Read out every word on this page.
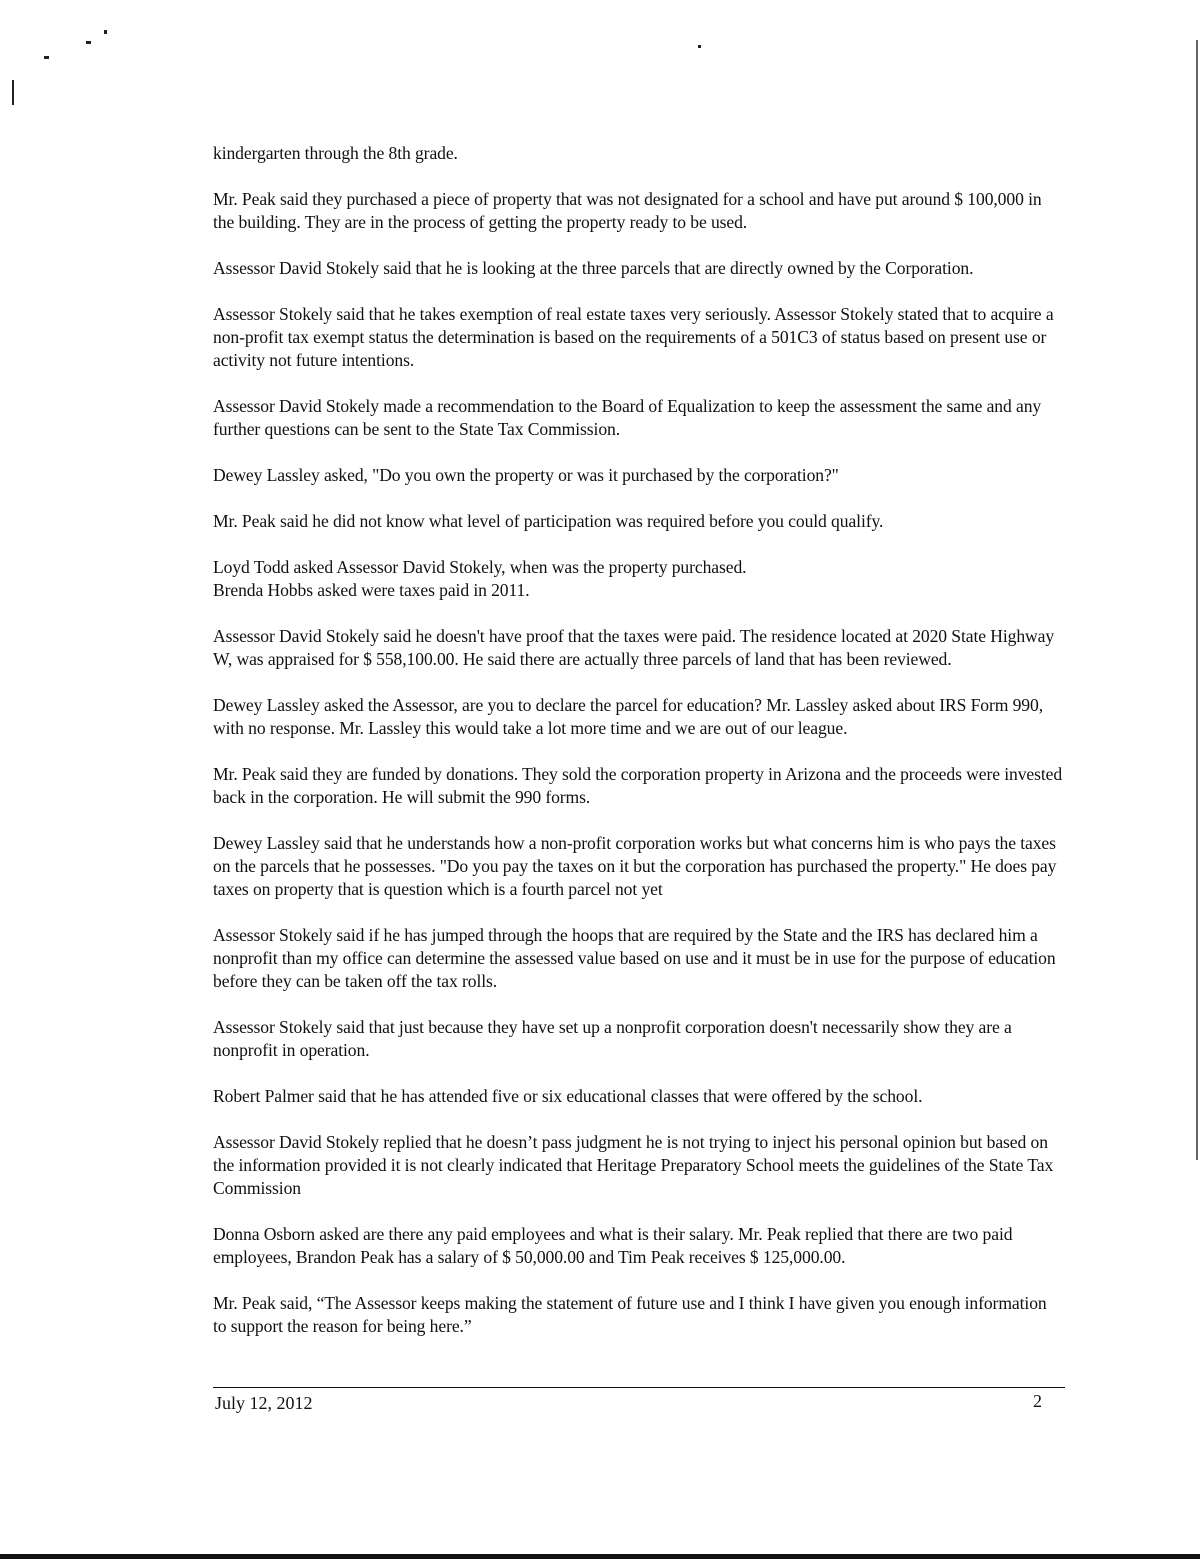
kindergarten through the 8th grade.

Mr. Peak said they purchased a piece of property that was not designated for a school and have put around $ 100,000 in the building. They are in the process of getting the property ready to be used.

Assessor David Stokely said that he is looking at the three parcels that are directly owned by the Corporation.

Assessor Stokely said that he takes exemption of real estate taxes very seriously. Assessor Stokely stated that to acquire a non-profit tax exempt status the determination is based on the requirements of a 501C3 of status based on present use or activity not future intentions.

Assessor David Stokely made a recommendation to the Board of Equalization to keep the assessment the same and any further questions can be sent to the State Tax Commission.

Dewey Lassley asked, "Do you own the property or was it purchased by the corporation?"

Mr. Peak said he did not know what level of participation was required before you could qualify.

Loyd Todd asked Assessor David Stokely, when was the property purchased.

Brenda Hobbs asked were taxes paid in 2011.

Assessor David Stokely said he doesn't have proof that the taxes were paid. The residence located at 2020 State Highway W, was appraised for $ 558,100.00. He said there are actually three parcels of land that has been reviewed.

Dewey Lassley asked the Assessor, are you to declare the parcel for education? Mr. Lassley asked about IRS Form 990, with no response. Mr. Lassley this would take a lot more time and we are out of our league.

Mr. Peak said they are funded by donations. They sold the corporation property in Arizona and the proceeds were invested back in the corporation. He will submit the 990 forms.

Dewey Lassley said that he understands how a non-profit corporation works but what concerns him is who pays the taxes on the parcels that he possesses. "Do you pay the taxes on it but the corporation has purchased the property." He does pay taxes on property that is question which is a fourth parcel not yet

Assessor Stokely said if he has jumped through the hoops that are required by the State and the IRS has declared him a nonprofit than my office can determine the assessed value based on use and it must be in use for the purpose of education before they can be taken off the tax rolls.

Assessor Stokely said that just because they have set up a nonprofit corporation doesn't necessarily show they are a nonprofit in operation.

Robert Palmer said that he has attended five or six educational classes that were offered by the school.

Assessor David Stokely replied that he doesn’t pass judgment he is not trying to inject his personal opinion but based on the information provided it is not clearly indicated that Heritage Preparatory School meets the guidelines of the State Tax Commission

Donna Osborn asked are there any paid employees and what is their salary. Mr. Peak replied that there are two paid employees, Brandon Peak has a salary of $ 50,000.00 and Tim Peak receives $ 125,000.00.

Mr. Peak said, “The Assessor keeps making the statement of future use and I think I have given you enough information to support the reason for being here.”

July 12, 2012	2
